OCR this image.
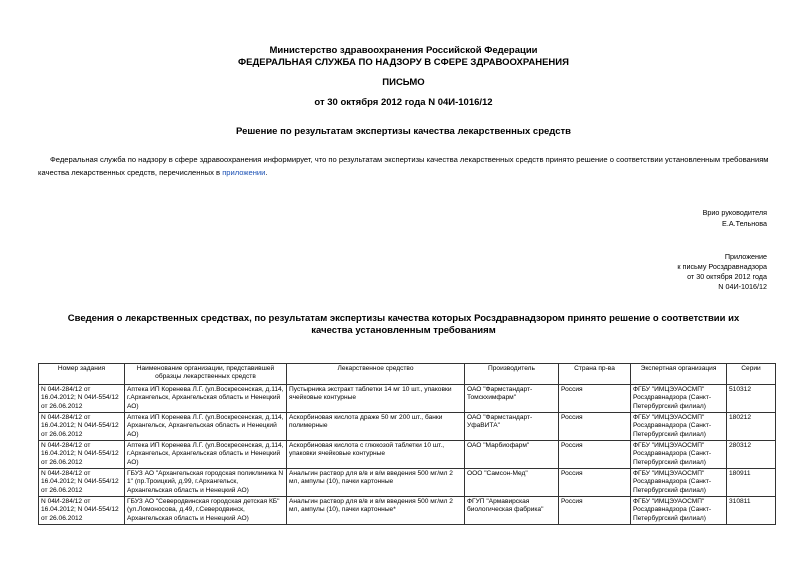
Министерство здравоохранения Российской Федерации
ФЕДЕРАЛЬНАЯ СЛУЖБА ПО НАДЗОРУ В СФЕРЕ ЗДРАВООХРАНЕНИЯ
ПИСЬМО
от 30 октября 2012 года N 04И-1016/12
Решение по результатам экспертизы качества лекарственных средств
Федеральная служба по надзору в сфере здравоохранения информирует, что по результатам экспертизы качества лекарственных средств принято решение о соответствии установленным требованиям качества лекарственных средств, перечисленных в приложении.
Врио руководителя
Е.А.Тельнова
Приложение
к письму Росздравнадзора
от 30 октября 2012 года
N 04И-1016/12
Сведения о лекарственных средствах, по результатам экспертизы качества которых Росздравнадзором принято решение о соответствии их качества установленным требованиям
Номер задания	Наименование организации, представившей образцы лекарственных средств	Лекарственное средство	Производитель	Страна пр-ва	Экспертная организация	Серии
N 04И-284/12 от 16.04.2012; N 04И-554/12 от 26.06.2012	Аптека ИП Коренева Л.Г. (ул.Воскресенская, д.114, г.Архангельск, Архангельская область и Ненецкий АО)	Пустырника экстракт таблетки 14 мг 10 шт., упаковки ячейковые контурные	ОАО "Фармстандарт-Томскхимфарм"	Россия	ФГБУ "ИМЦЭУАОСМП" Росздравнадзора (Санкт-Петербургский филиал)	510312
N 04И-284/12 от 16.04.2012; N 04И-554/12 от 26.06.2012	Аптека ИП Коренева Л.Г. (ул.Воскресенская, д.114, Архангельск, Архангельская область и Ненецкий АО)	Аскорбиновая кислота драже 50 мг 200 шт., банки полимерные	ОАО "Фармстандарт-УфаВИТА"	Россия	ФГБУ "ИМЦЭУАОСМП" Росздравнадзора (Санкт-Петербургский филиал)	180212
N 04И-284/12 от 16.04.2012; N 04И-554/12 от 26.06.2012	Аптека ИП Коренева Л.Г. (ул.Воскресенская, д.114, г.Архангельск, Архангельская область и Ненецкий АО)	Аскорбиновая кислота с глюкозой таблетки 10 шт., упаковки ячейковые контурные	ОАО "Марбиофарм"	Россия	ФГБУ "ИМЦЭУАОСМП" Росздравнадзора (Санкт-Петербургский филиал)	280312
N 04И-284/12 от 16.04.2012; N 04И-554/12 от 26.06.2012	ГБУЗ АО "Архангельская городская поликлиника N 1" (пр.Троицкий, д.99, г.Архангельск, Архангельская область и Ненецкий АО)	Анальгин раствор для в/в и в/м введения 500 мг/мл 2 мл, ампулы (10), пачки картонные	ООО "Самсон-Мед"	Россия	ФГБУ "ИМЦЭУАОСМП" Росздравнадзора (Санкт-Петербургский филиал)	180911
N 04И-284/12 от 16.04.2012; N 04И-554/12 от 26.06.2012	ГБУЗ АО "Северодвинская городская детская КБ" (ул.Ломоносова, д.49, г.Северодвинск, Архангельская область и Ненецкий АО)	Анальгин раствор для в/в и в/м введения 500 мг/мл 2 мл, ампулы (10), пачки картонные*	ФГУП "Армавирская биологическая фабрика"	Россия	ФГБУ "ИМЦЭУАОСМП" Росздравнадзора (Санкт-Петербургский филиал)	310811
